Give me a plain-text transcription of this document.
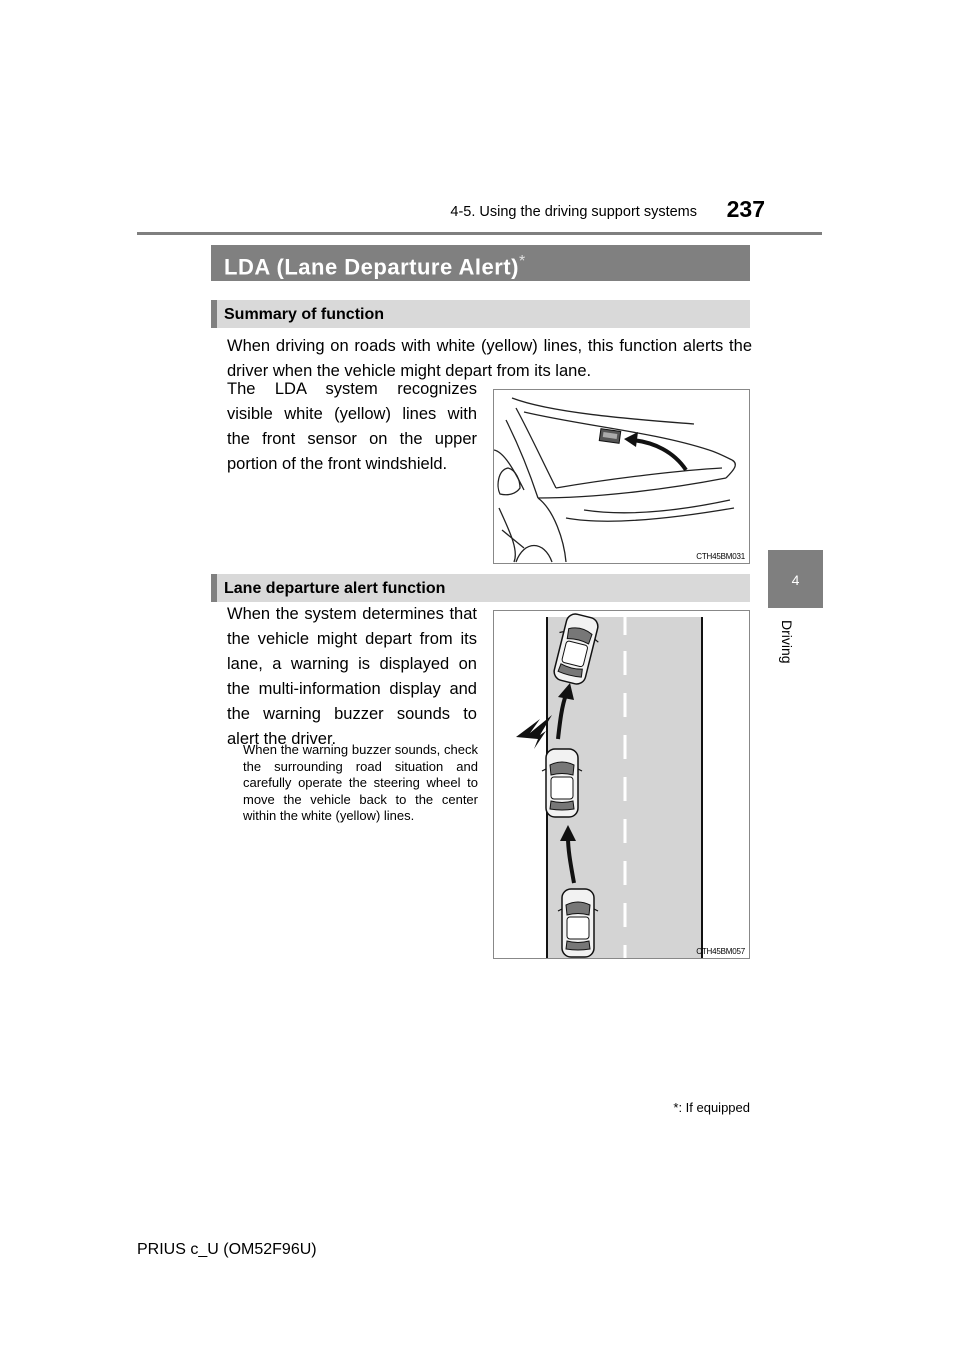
4-5. Using the driving support systems 237
4
Driving
LDA (Lane Departure Alert)*
Summary of function
When driving on roads with white (yellow) lines, this function alerts the driver when the vehicle might depart from its lane.
The LDA system recognizes visible white (yellow) lines with the front sensor on the upper portion of the front windshield.
CTH45BM031
Lane departure alert function
When the system determines that the vehicle might depart from its lane, a warning is displayed on the multi-information display and the warning buzzer sounds to alert the driver.
When the warning buzzer sounds, check the surrounding road situation and carefully operate the steering wheel to move the vehicle back to the center within the white (yellow) lines.
CTH45BM057
*: If equipped
PRIUS c_U (OM52F96U)
